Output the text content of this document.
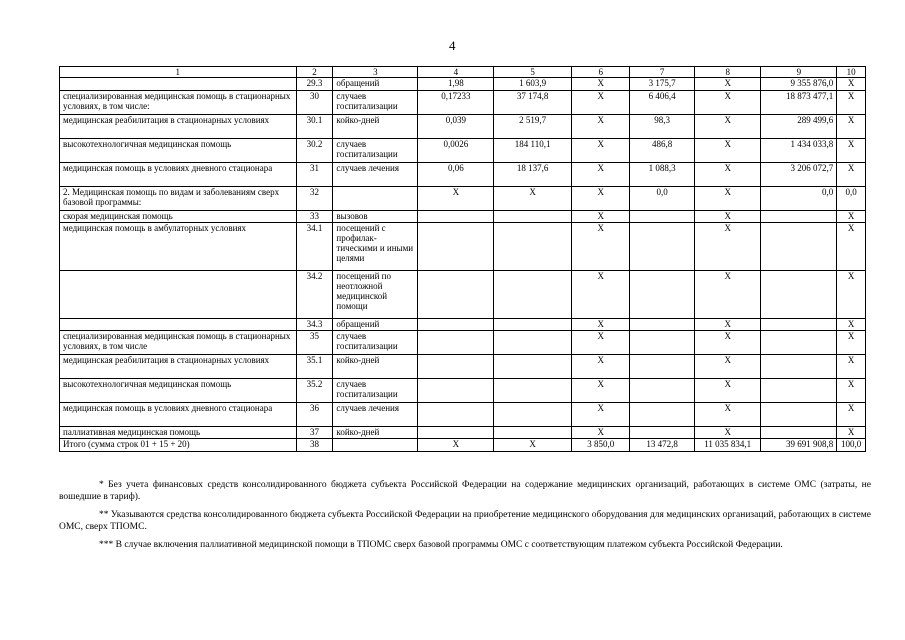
4
1	2	3	4	5	6	7	8	9	10
	29.3	обращений	1,98	1 603,9	X	3 175,7	X	9 355 876,0	X
специализированная медицинская помощь в стационарных условиях, в том числе:	30	случаев госпитализации	0,17233	37 174,8	X	6 406,4	X	18 873 477,1	X
медицинская реабилитация в стационарных условиях	30.1	койко-дней	0,039	2 519,7	X	98,3	X	289 499,6	X
высокотехнологичная медицинская помощь	30.2	случаев госпитализации	0,0026	184 110,1	X	486,8	X	1 434 033,8	X
медицинская помощь в условиях дневного стационара	31	случаев лечения	0,06	18 137,6	X	1 088,3	X	3 206 072,7	X
2. Медицинская помощь по видам и заболеваниям сверх базовой программы:	32		X	X	X	0,0	X	0,0	0,0
скорая медицинская помощь	33	вызовов			X		X		X
медицинская помощь в амбулаторных условиях	34.1	посещений с профилак-тическими и иными целями			X		X		X
	34.2	посещений по неотложной медицинской помощи			X		X		X
	34.3	обращений			X		X		X
специализированная медицинская помощь в стационарных условиях, в том числе	35	случаев госпитализации			X		X		X
медицинская реабилитация в стационарных условиях	35.1	койко-дней			X		X		X
высокотехнологичная медицинская помощь	35.2	случаев госпитализации			X		X		X
медицинская помощь в условиях дневного стационара	36	случаев лечения			X		X		X
паллиативная медицинская помощь	37	койко-дней			X		X		X
Итого (сумма строк 01 + 15 + 20)	38		X	X	3 850,0	13 472,8	11 035 834,1	39 691 908,8	100,0

* Без учета финансовых средств консолидированного бюджета субъекта Российской Федерации на содержание медицинских организаций, работающих в системе ОМС (затраты, не вошедшие в тариф).

** Указываются средства консолидированного бюджета субъекта Российской Федерации на приобретение медицинского оборудования для медицинских организаций, работающих в системе ОМС, сверх ТПОМС.

*** В случае включения паллиативной медицинской помощи в ТПОМС сверх базовой программы ОМС с соответствующим платежом субъекта Российской Федерации.
